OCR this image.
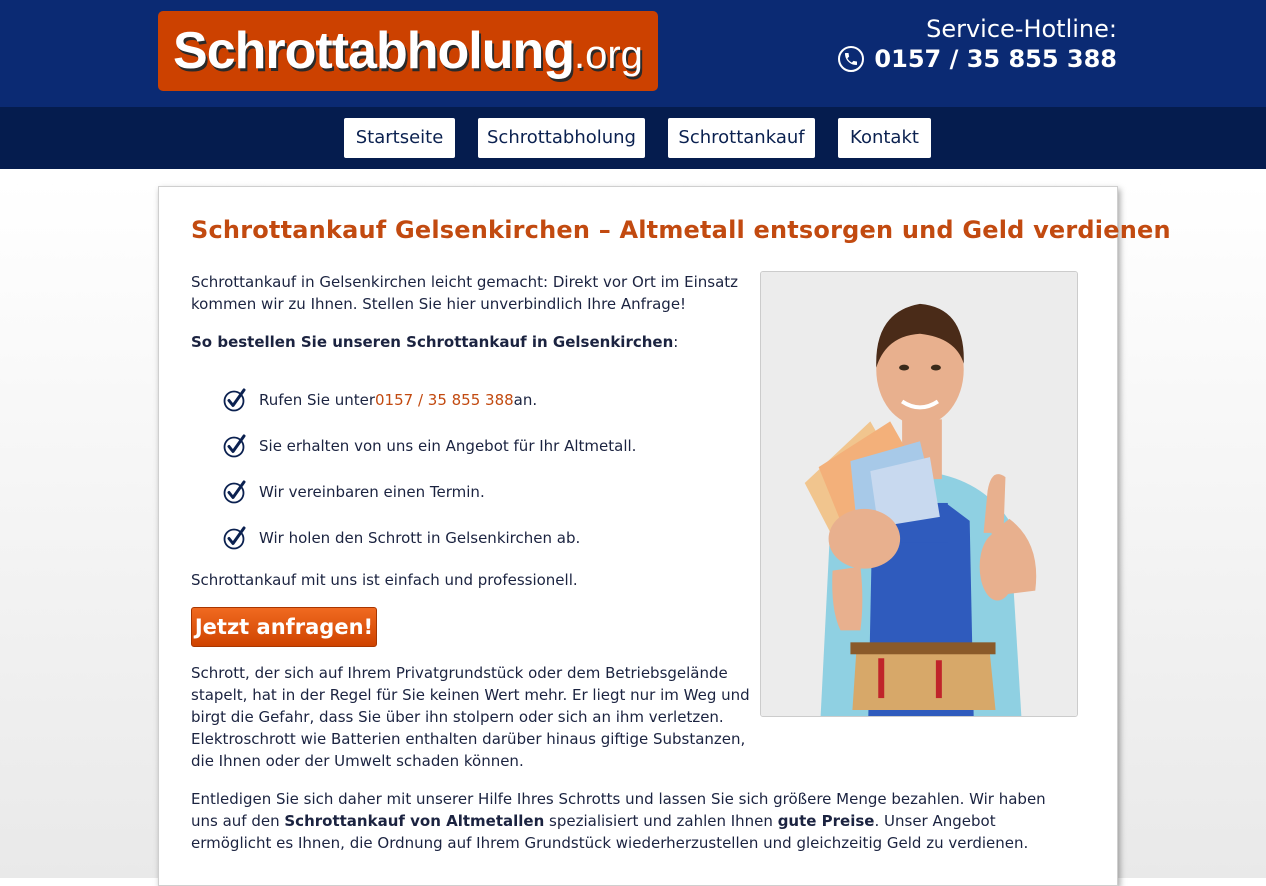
Schrottabholung .org
Service-Hotline:
0157 / 35 855 388
Startseite	Schrottabholung	Schrottankauf	Kontakt
Schrottankauf Gelsenkirchen – Altmetall entsorgen und Geld verdienen

Schrottankauf in Gelsenkirchen leicht gemacht: Direkt vor Ort im Einsatz kommen wir zu Ihnen. Stellen Sie hier unverbindlich Ihre Anfrage!

So bestellen Sie unseren Schrottankauf in Gelsenkirchen:

Rufen Sie unter 0157 / 35 855 388 an.
Sie erhalten von uns ein Angebot für Ihr Altmetall.
Wir vereinbaren einen Termin.
Wir holen den Schrott in Gelsenkirchen ab.

Schrottankauf mit uns ist einfach und professionell.

Jetzt anfragen!

Schrott, der sich auf Ihrem Privatgrundstück oder dem Betriebsgelände stapelt, hat in der Regel für Sie keinen Wert mehr. Er liegt nur im Weg und birgt die Gefahr, dass Sie über ihn stolpern oder sich an ihm verletzen. Elektroschrott wie Batterien enthalten darüber hinaus giftige Substanzen, die Ihnen oder der Umwelt schaden können.

Entledigen Sie sich daher mit unserer Hilfe Ihres Schrotts und lassen Sie sich größere Menge bezahlen. Wir haben uns auf den Schrottankauf von Altmetallen spezialisiert und zahlen Ihnen gute Preise. Unser Angebot ermöglicht es Ihnen, die Ordnung auf Ihrem Grundstück wiederherzustellen und gleichzeitig Geld zu verdienen.
